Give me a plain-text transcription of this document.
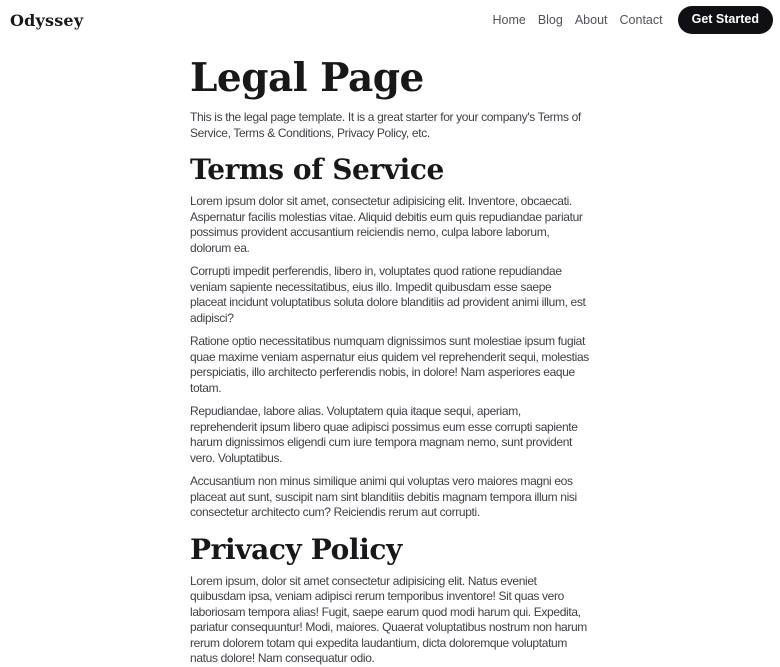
Odyssey	Home Blog About Contact	Get Started
Legal Page

This is the legal page template. It is a great starter for your company's Terms of Service, Terms & Conditions, Privacy Policy, etc.

Terms of Service

Lorem ipsum dolor sit amet, consectetur adipisicing elit. Inventore, obcaecati. Aspernatur facilis molestias vitae. Aliquid debitis eum quis repudiandae pariatur possimus provident accusantium reiciendis nemo, culpa labore laborum, dolorum ea.

Corrupti impedit perferendis, libero in, voluptates quod ratione repudiandae veniam sapiente necessitatibus, eius illo. Impedit quibusdam esse saepe placeat incidunt voluptatibus soluta dolore blanditiis ad provident animi illum, est adipisci?

Ratione optio necessitatibus numquam dignissimos sunt molestiae ipsum fugiat quae maxime veniam aspernatur eius quidem vel reprehenderit sequi, molestias perspiciatis, illo architecto perferendis nobis, in dolore! Nam asperiores eaque totam.

Repudiandae, labore alias. Voluptatem quia itaque sequi, aperiam, reprehenderit ipsum libero quae adipisci possimus eum esse corrupti sapiente harum dignissimos eligendi cum iure tempora magnam nemo, sunt provident vero. Voluptatibus.

Accusantium non minus similique animi qui voluptas vero maiores magni eos placeat aut sunt, suscipit nam sint blanditiis debitis magnam tempora illum nisi consectetur architecto cum? Reiciendis rerum aut corrupti.

Privacy Policy

Lorem ipsum, dolor sit amet consectetur adipisicing elit. Natus eveniet quibusdam ipsa, veniam adipisci rerum temporibus inventore! Sit quas vero laboriosam tempora alias! Fugit, saepe earum quod modi harum qui. Expedita, pariatur consequuntur! Modi, maiores. Quaerat voluptatibus nostrum non harum rerum dolorem totam qui expedita laudantium, dicta doloremque voluptatum natus dolore! Nam consequatur odio.
